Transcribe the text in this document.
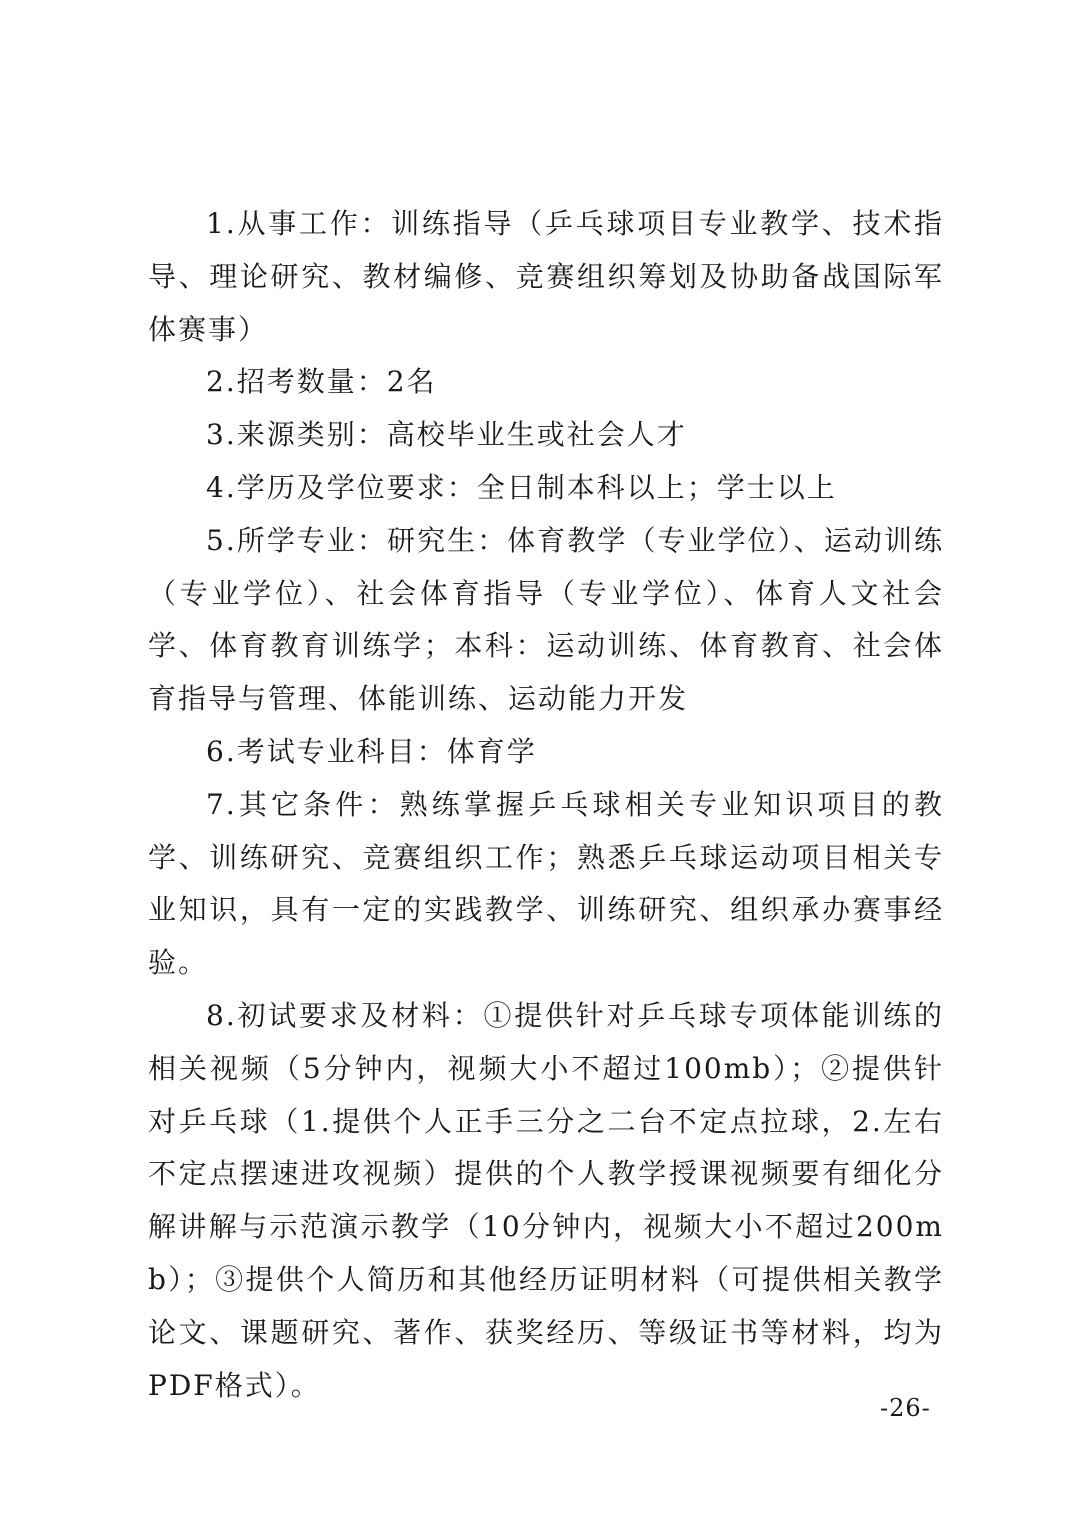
1.从事工作：训练指导（乒乓球项目专业教学、技术指导、理论研究、教材编修、竞赛组织筹划及协助备战国际军体赛事）

2.招考数量：2名

3.来源类别：高校毕业生或社会人才

4.学历及学位要求：全日制本科以上；学士以上

5.所学专业：研究生：体育教学（专业学位）、运动训练（专业学位）、社会体育指导（专业学位）、体育人文社会学、体育教育训练学；本科：运动训练、体育教育、社会体育指导与管理、体能训练、运动能力开发

6.考试专业科目：体育学

7.其它条件：熟练掌握乒乓球相关专业知识项目的教学、训练研究、竞赛组织工作；熟悉乒乓球运动项目相关专业知识，具有一定的实践教学、训练研究、组织承办赛事经验。

8.初试要求及材料：①提供针对乒乓球专项体能训练的相关视频（5分钟内，视频大小不超过100mb）；②提供针对乒乓球（1.提供个人正手三分之二台不定点拉球，2.左右不定点摆速进攻视频）提供的个人教学授课视频要有细化分解讲解与示范演示教学（10分钟内，视频大小不超过200mb）；③提供个人简历和其他经历证明材料（可提供相关教学论文、课题研究、著作、获奖经历、等级证书等材料，均为PDF格式）。

-26-
